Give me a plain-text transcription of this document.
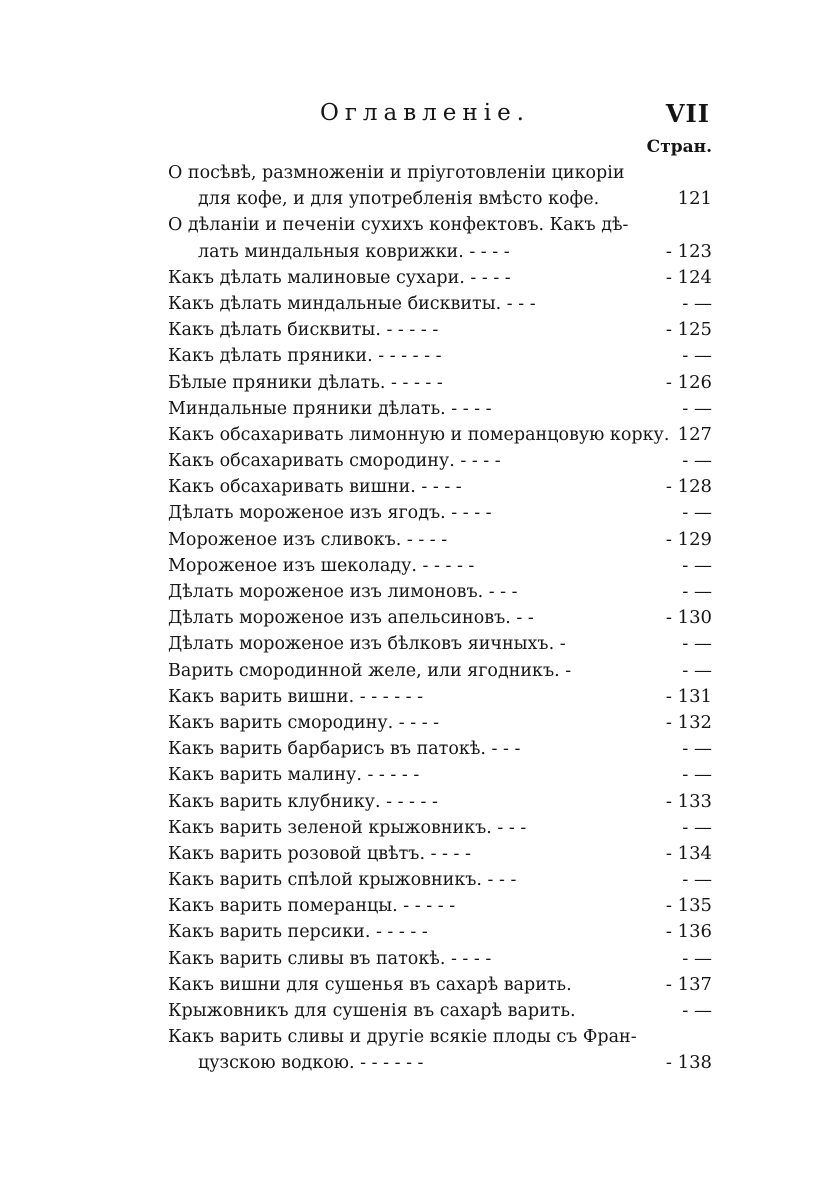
Оглавленіе.	VII
Стран.
О посѣвѣ, размноженіи и пріуготовленіи цикоріи
для кофе, и для употребленія вмѣсто кофе.	121
О дѣланіи и печеніи сухихъ конфектовъ. Какъ дѣ-
лать миндальныя коврижки. - - - -	- 123
Какъ дѣлать малиновые сухари. - - - -	- 124
Какъ дѣлать миндальные бисквиты. - - -	- —
Какъ дѣлать бисквиты. - - - - -	- 125
Какъ дѣлать пряники. - - - - - -	- —
Бѣлые пряники дѣлать. - - - - -	- 126
Миндальные пряники дѣлать. - - - -	- —
Какъ обсахаривать лимонную и померанцовую корку. 127
Какъ обсахаривать смородину. - - - -	- —
Какъ обсахаривать вишни. - - - -	- 128
Дѣлать мороженое изъ ягодъ. - - - -	- —
Мороженое изъ сливокъ. - - - -	- 129
Мороженое изъ шеколаду. - - - - -	- —
Дѣлать мороженое изъ лимоновъ. - - -	- —
Дѣлать мороженое изъ апельсиновъ. - -	- 130
Дѣлать мороженое изъ бѣлковъ яичныхъ. -	- —
Варить смородинной желе, или ягодникъ. -	- —
Какъ варить вишни. - - - - - -	- 131
Какъ варить смородину. - - - -	- 132
Какъ варить барбарисъ въ патокѣ. - - -	- —
Какъ варить малину. - - - - -	- —
Какъ варить клубнику. - - - - -	- 133
Какъ варить зеленой крыжовникъ. - - -	- —
Какъ варить розовой цвѣтъ. - - - -	- 134
Какъ варить спѣлой крыжовникъ. - - -	- —
Какъ варить померанцы. - - - - -	- 135
Какъ варить персики. - - - - -	- 136
Какъ варить сливы въ патокѣ. - - - -	- —
Какъ вишни для сушенья въ сахарѣ варить.	- 137
Крыжовникъ для сушенія въ сахарѣ варить.	- —
Какъ варить сливы и другіе всякіе плоды съ Фран-
цузскою водкою. - - - - - -	- 138
